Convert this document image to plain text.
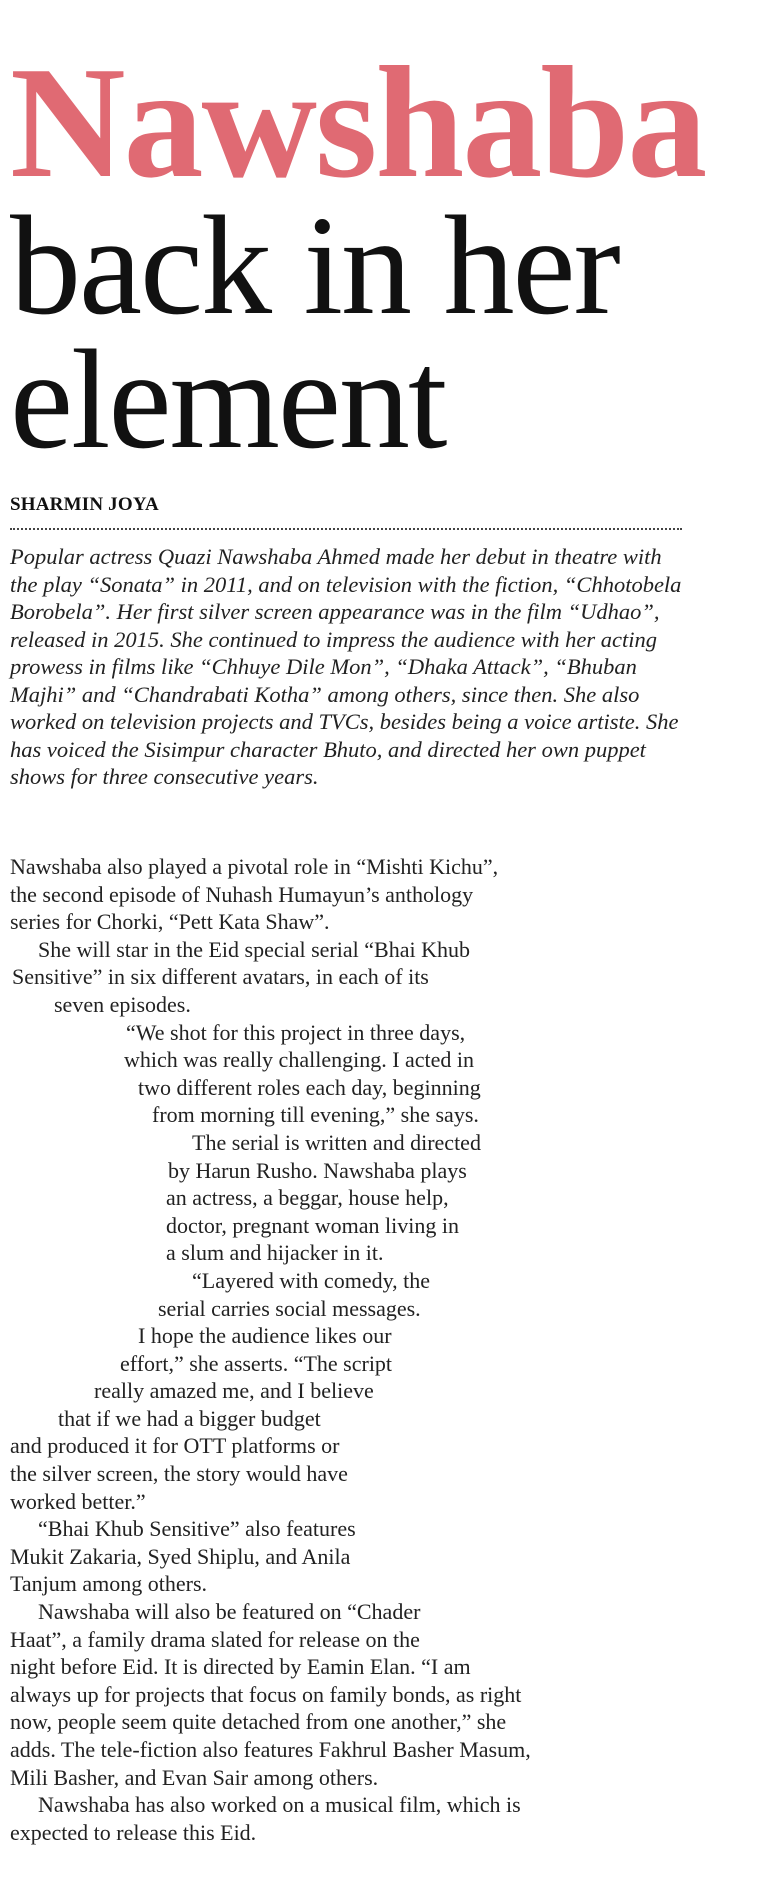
Nawshaba
back in her
element
SHARMIN JOYA

Popular actress Quazi Nawshaba Ahmed made her debut in theatre with the play “Sonata” in 2011, and on television with the fiction, “Chhotobela Borobela”. Her first silver screen appearance was in the film “Udhao”, released in 2015. She continued to impress the audience with her acting prowess in films like “Chhuye Dile Mon”, “Dhaka Attack”, “Bhuban Majhi” and “Chandrabati Kotha” among others, since then. She also worked on television projects and TVCs, besides being a voice artiste. She has voiced the Sisimpur character Bhuto, and directed her own puppet shows for three consecutive years.

Nawshaba also played a pivotal role in “Mishti Kichu”,
the second episode of Nuhash Humayun’s anthology
series for Chorki, “Pett Kata Shaw”.
She will star in the Eid special serial “Bhai Khub
Sensitive” in six different avatars, in each of its
seven episodes.
“We shot for this project in three days,
which was really challenging. I acted in
two different roles each day, beginning
from morning till evening,” she says.
The serial is written and directed
by Harun Rusho. Nawshaba plays
an actress, a beggar, house help,
doctor, pregnant woman living in
a slum and hijacker in it.
“Layered with comedy, the
serial carries social messages.
I hope the audience likes our
effort,” she asserts. “The script
really amazed me, and I believe
that if we had a bigger budget
and produced it for OTT platforms or
the silver screen, the story would have
worked better.”
“Bhai Khub Sensitive” also features
Mukit Zakaria, Syed Shiplu, and Anila
Tanjum among others.
Nawshaba will also be featured on “Chader
Haat”, a family drama slated for release on the
night before Eid. It is directed by Eamin Elan. “I am
always up for projects that focus on family bonds, as right
now, people seem quite detached from one another,” she
adds. The tele-fiction also features Fakhrul Basher Masum,
Mili Basher, and Evan Sair among others.
Nawshaba has also worked on a musical film, which is
expected to release this Eid.
